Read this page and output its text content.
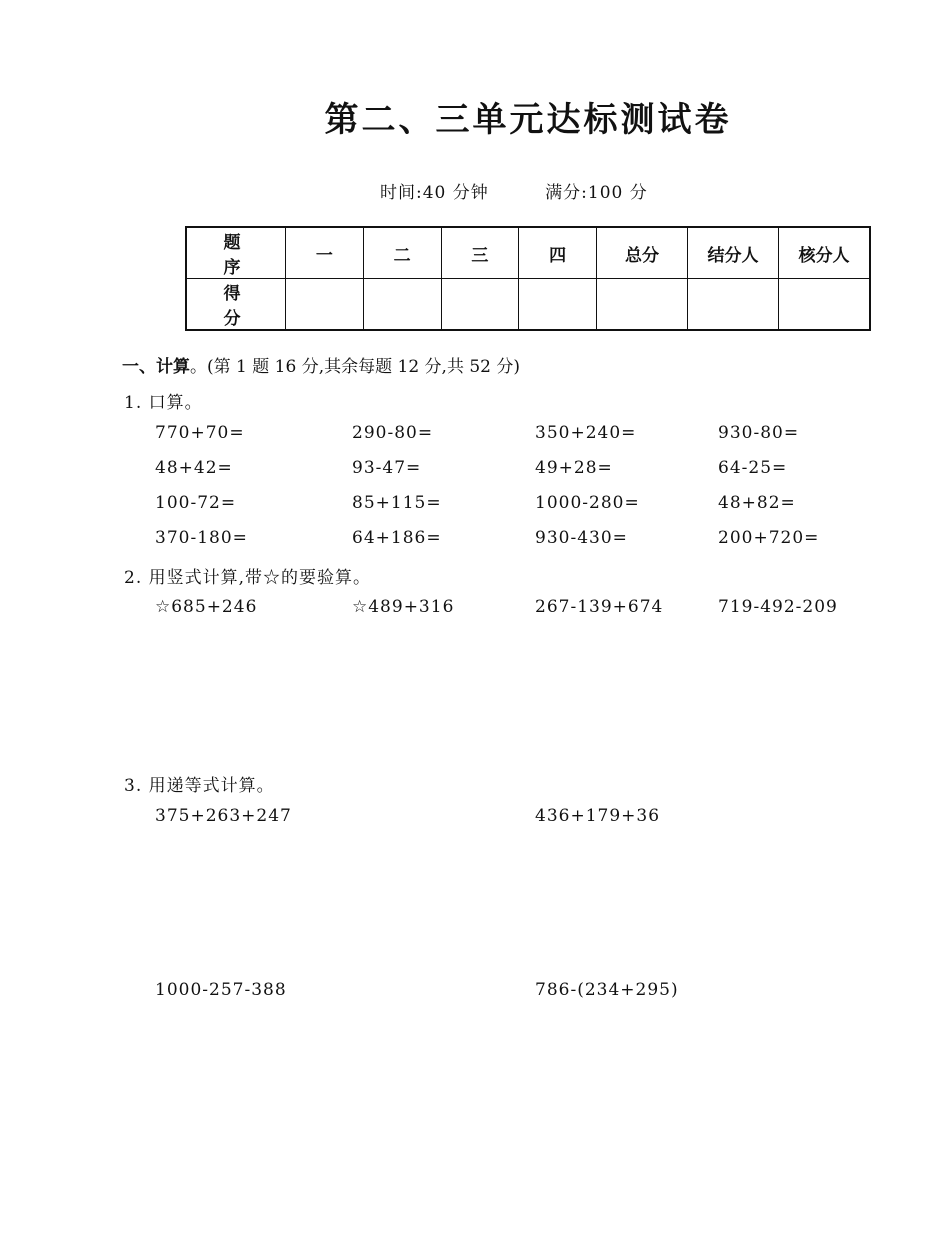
第二、三单元达标测试卷
时间:40 分钟	满分:100 分
题　序	一	二	三	四	总分	结分人	核分人
得　分							
一、计算。(第 1 题 16 分,其余每题 12 分,共 52 分)
1. 口算。
770+70=	290-80=	350+240=	930-80=
48+42=	93-47=	49+28=	64-25=
100-72=	85+115=	1000-280=	48+82=
370-180=	64+186=	930-430=	200+720=
2. 用竖式计算,带☆的要验算。
☆685+246	☆489+316	267-139+674	719-492-209
3. 用递等式计算。
375+263+247	436+179+36
1000-257-388	786-(234+295)
